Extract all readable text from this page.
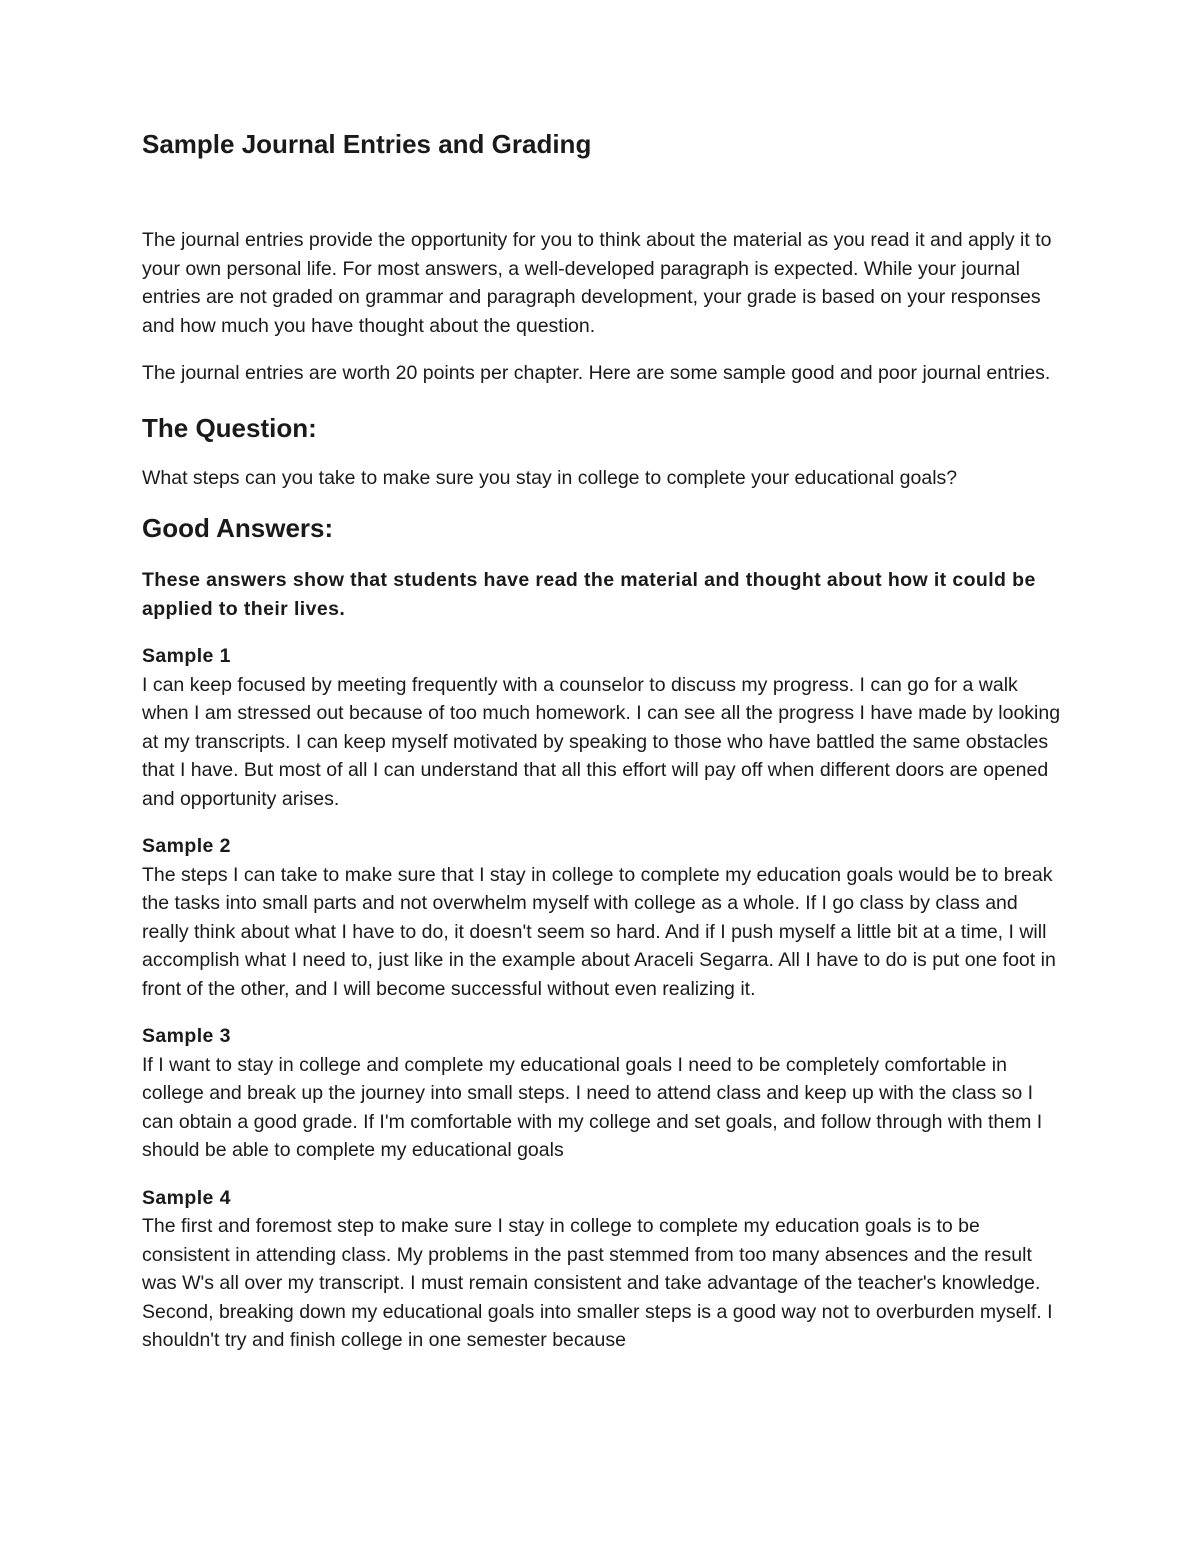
Sample Journal Entries and Grading

The journal entries provide the opportunity for you to think about the material as you read it and apply it to your own personal life. For most answers, a well-developed paragraph is expected. While your journal entries are not graded on grammar and paragraph development, your grade is based on your responses and how much you have thought about the question.

The journal entries are worth 20 points per chapter. Here are some sample good and poor journal entries.

The Question:

What steps can you take to make sure you stay in college to complete your educational goals?

Good Answers:

These answers show that students have read the material and thought about how it could be applied to their lives.

Sample 1
I can keep focused by meeting frequently with a counselor to discuss my progress. I can go for a walk when I am stressed out because of too much homework. I can see all the progress I have made by looking at my transcripts. I can keep myself motivated by speaking to those who have battled the same obstacles that I have. But most of all I can understand that all this effort will pay off when different doors are opened and opportunity arises.
Sample 2
The steps I can take to make sure that I stay in college to complete my education goals would be to break the tasks into small parts and not overwhelm myself with college as a whole. If I go class by class and really think about what I have to do, it doesn't seem so hard. And if I push myself a little bit at a time, I will accomplish what I need to, just like in the example about Araceli Segarra. All I have to do is put one foot in front of the other, and I will become successful without even realizing it.
Sample 3
If I want to stay in college and complete my educational goals I need to be completely comfortable in college and break up the journey into small steps. I need to attend class and keep up with the class so I can obtain a good grade. If I'm comfortable with my college and set goals, and follow through with them I should be able to complete my educational goals
Sample 4
The first and foremost step to make sure I stay in college to complete my education goals is to be consistent in attending class. My problems in the past stemmed from too many absences and the result was W's all over my transcript. I must remain consistent and take advantage of the teacher's knowledge. Second, breaking down my educational goals into smaller steps is a good way not to overburden myself. I shouldn't try and finish college in one semester because
